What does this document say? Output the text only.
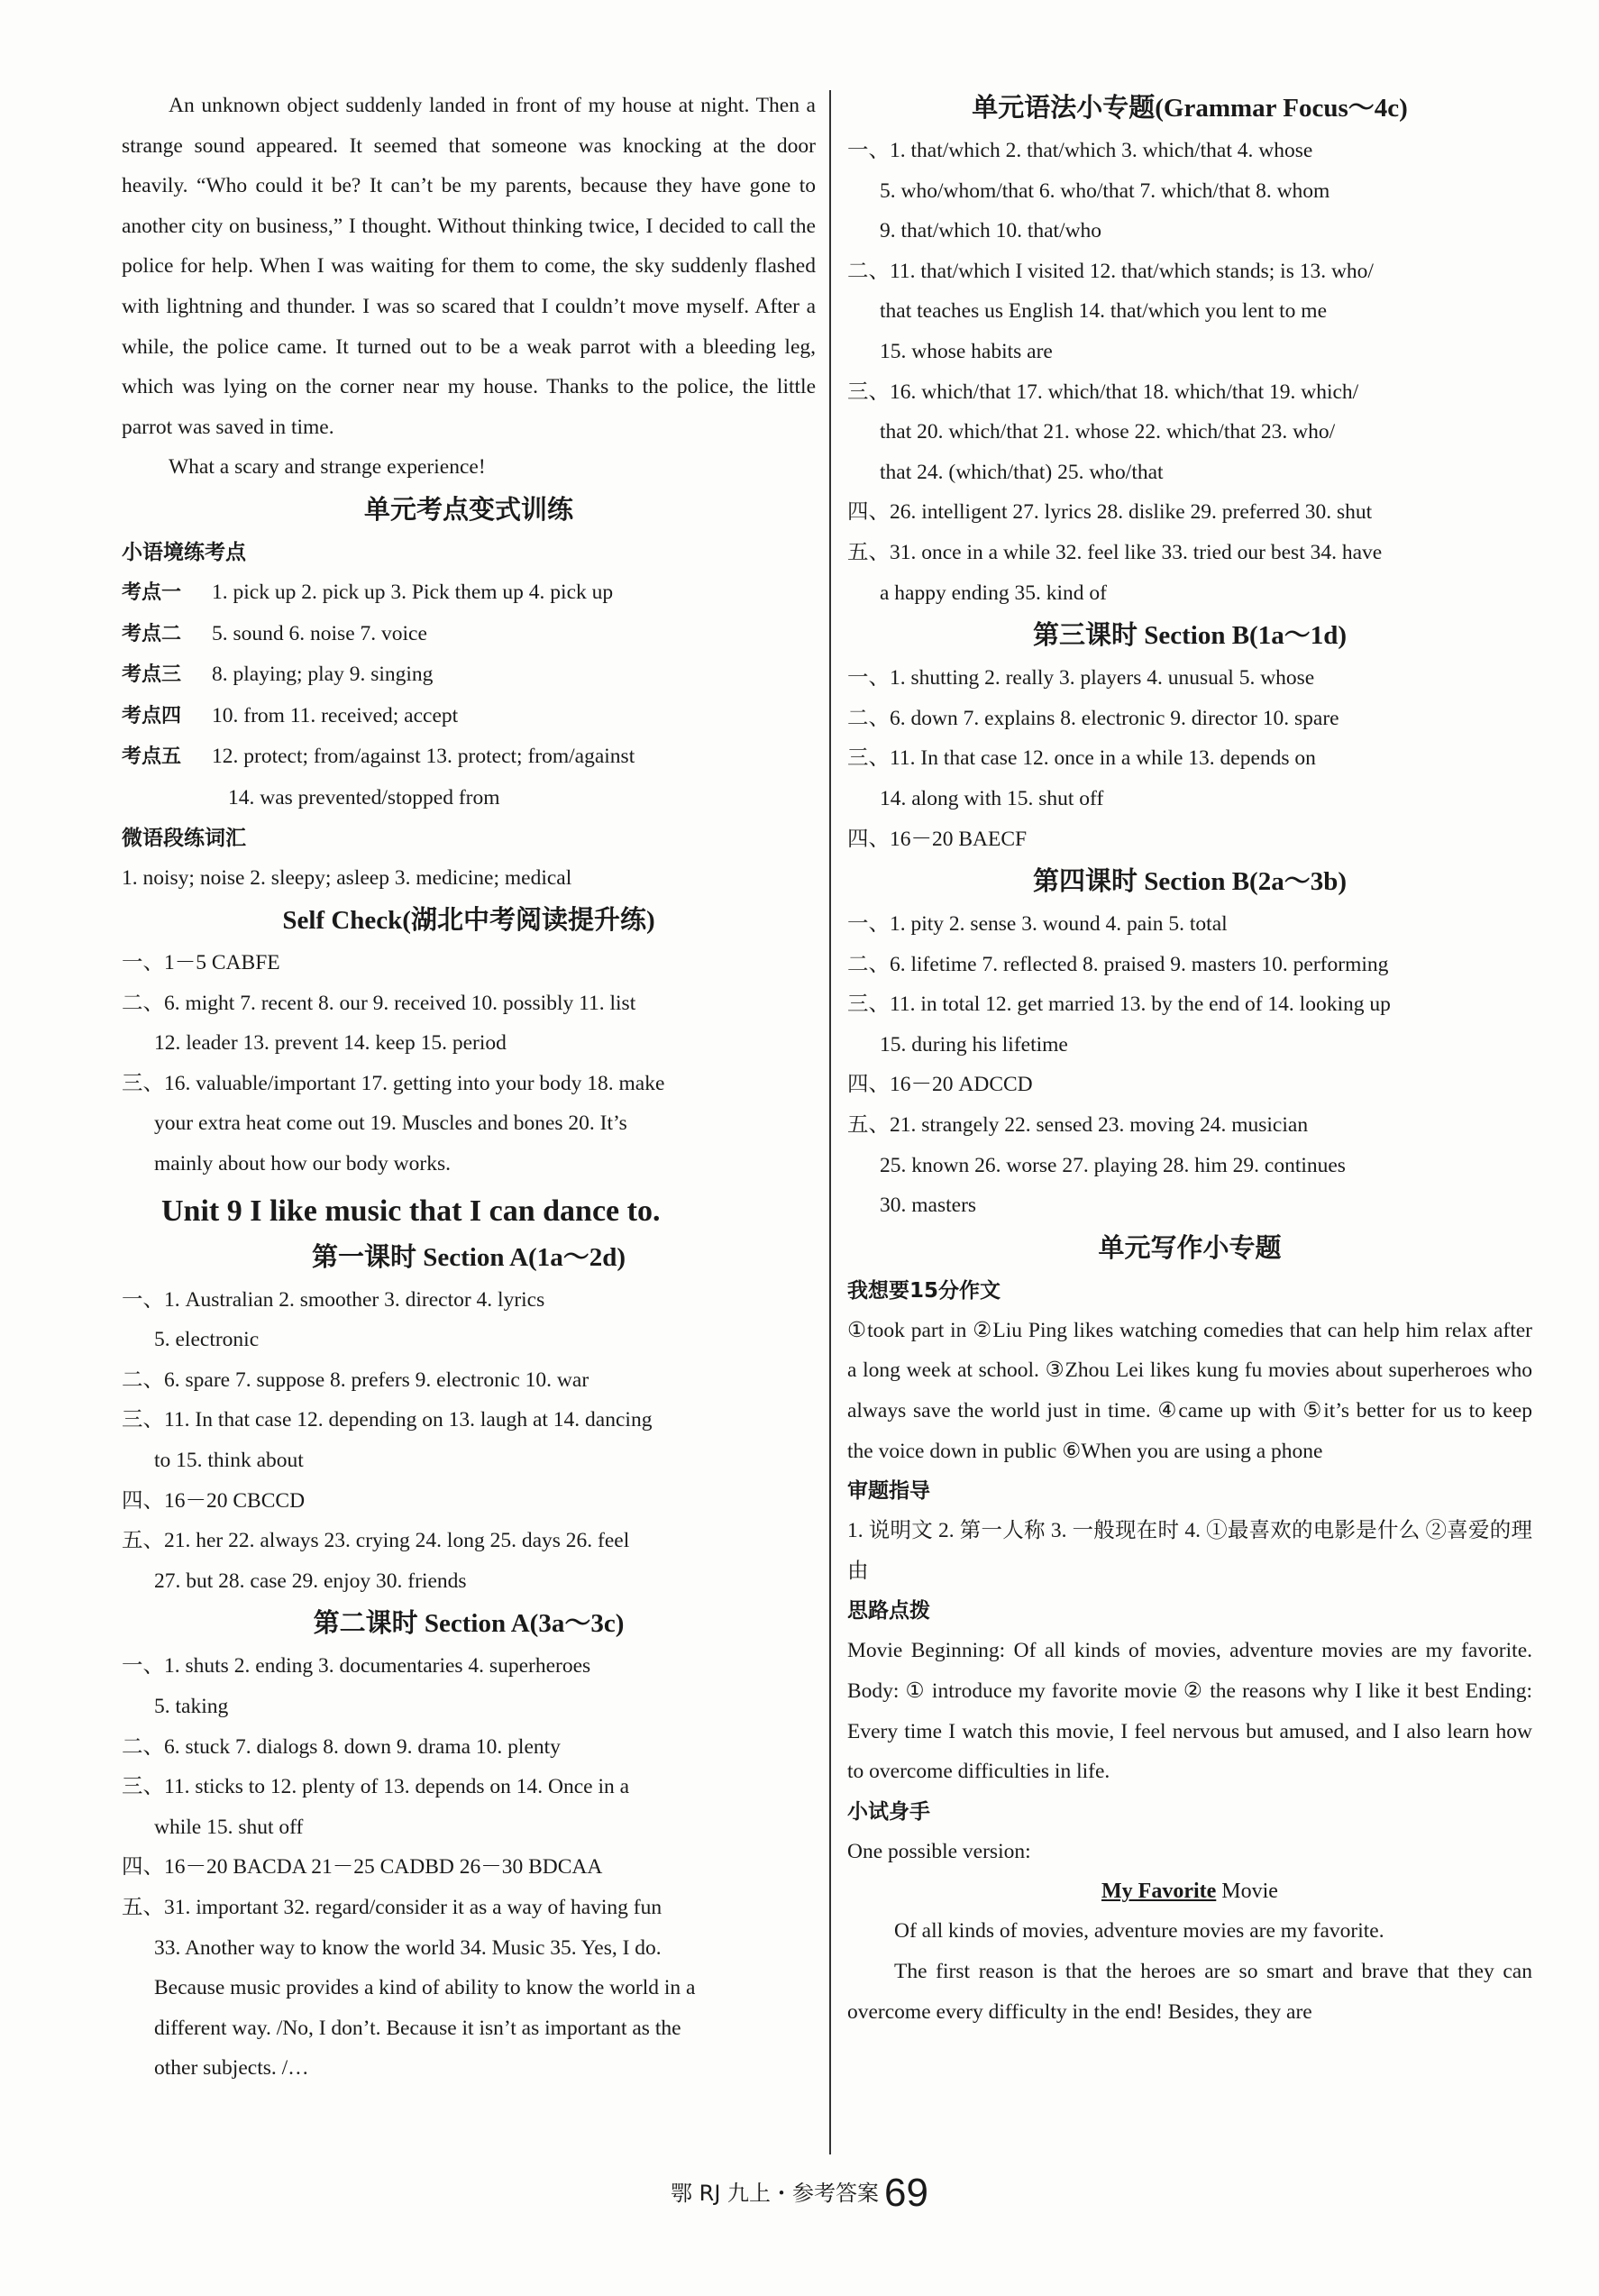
An unknown object suddenly landed in front of my house at night. Then a strange sound appeared. It seemed that someone was knocking at the door heavily. “Who could it be? It can’t be my parents, because they have gone to another city on business,” I thought. Without thinking twice, I decided to call the police for help. When I was waiting for them to come, the sky suddenly flashed with lightning and thunder. I was so scared that I couldn’t move myself. After a while, the police came. It turned out to be a weak parrot with a bleeding leg, which was lying on the corner near my house. Thanks to the police, the little parrot was saved in time.
What a scary and strange experience!
单元考点变式训练
小语境练考点
考点一 1. pick up 2. pick up 3. Pick them up 4. pick up
考点二 5. sound 6. noise 7. voice
考点三 8. playing; play 9. singing
考点四 10. from 11. received; accept
考点五 12. protect; from/against 13. protect; from/against
14. was prevented/stopped from
微语段练词汇
1. noisy; noise 2. sleepy; asleep 3. medicine; medical
Self Check(湖北中考阅读提升练)
一、1－5 CABFE
二、6. might 7. recent 8. our 9. received 10. possibly 11. list
12. leader 13. prevent 14. keep 15. period
三、16. valuable/important 17. getting into your body 18. make
your extra heat come out 19. Muscles and bones 20. It’s
mainly about how our body works.
Unit 9 I like music that I can dance to.
第一课时 Section A(1a～2d)
一、1. Australian 2. smoother 3. director 4. lyrics
5. electronic
二、6. spare 7. suppose 8. prefers 9. electronic 10. war
三、11. In that case 12. depending on 13. laugh at 14. dancing
to 15. think about
四、16－20 CBCCD
五、21. her 22. always 23. crying 24. long 25. days 26. feel
27. but 28. case 29. enjoy 30. friends
第二课时 Section A(3a～3c)
一、1. shuts 2. ending 3. documentaries 4. superheroes
5. taking
二、6. stuck 7. dialogs 8. down 9. drama 10. plenty
三、11. sticks to 12. plenty of 13. depends on 14. Once in a
while 15. shut off
四、16－20 BACDA 21－25 CADBD 26－30 BDCAA
五、31. important 32. regard/consider it as a way of having fun
33. Another way to know the world 34. Music 35. Yes, I do.
Because music provides a kind of ability to know the world in a
different way. /No, I don’t. Because it isn’t as important as the
other subjects. /…
单元语法小专题(Grammar Focus～4c)
一、1. that/which 2. that/which 3. which/that 4. whose
5. who/whom/that 6. who/that 7. which/that 8. whom
9. that/which 10. that/who
二、11. that/which I visited 12. that/which stands; is 13. who/
that teaches us English 14. that/which you lent to me
15. whose habits are
三、16. which/that 17. which/that 18. which/that 19. which/
that 20. which/that 21. whose 22. which/that 23. who/
that 24. (which/that) 25. who/that
四、26. intelligent 27. lyrics 28. dislike 29. preferred 30. shut
五、31. once in a while 32. feel like 33. tried our best 34. have
a happy ending 35. kind of
第三课时 Section B(1a～1d)
一、1. shutting 2. really 3. players 4. unusual 5. whose
二、6. down 7. explains 8. electronic 9. director 10. spare
三、11. In that case 12. once in a while 13. depends on
14. along with 15. shut off
四、16－20 BAECF
第四课时 Section B(2a～3b)
一、1. pity 2. sense 3. wound 4. pain 5. total
二、6. lifetime 7. reflected 8. praised 9. masters 10. performing
三、11. in total 12. get married 13. by the end of 14. looking up
15. during his lifetime
四、16－20 ADCCD
五、21. strangely 22. sensed 23. moving 24. musician
25. known 26. worse 27. playing 28. him 29. continues
30. masters
单元写作小专题
我想要15分作文
①took part in ②Liu Ping likes watching comedies that can help him relax after a long week at school. ③Zhou Lei likes kung fu movies about superheroes who always save the world just in time. ④came up with ⑤it’s better for us to keep the voice down in public ⑥When you are using a phone
审题指导
1. 说明文 2. 第一人称 3. 一般现在时 4. ①最喜欢的电影是什么 ②喜爱的理由
思路点拨
Movie Beginning: Of all kinds of movies, adventure movies are my favorite. Body: ① introduce my favorite movie ② the reasons why I like it best Ending: Every time I watch this movie, I feel nervous but amused, and I also learn how to overcome difficulties in life.
小试身手
One possible version:
My Favorite Movie
Of all kinds of movies, adventure movies are my favorite.
The first reason is that the heroes are so smart and brave that they can overcome every difficulty in the end! Besides, they are
鄂 RJ 九上・参考答案 69
